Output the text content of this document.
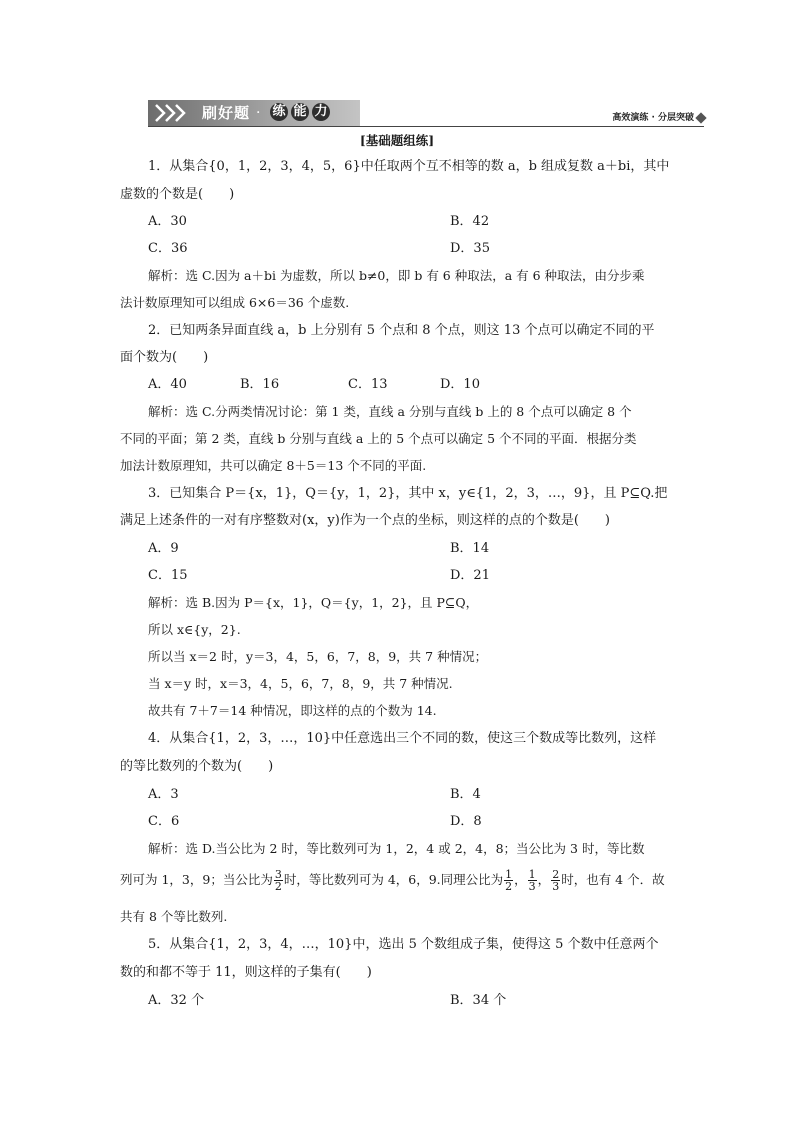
刷好题 · 练 能 力	高效演练 · 分层突破
[基础题组练]
1．从集合{0，1，2，3，4，5，6}中任取两个互不相等的数 a，b 组成复数 a＋bi，其中
虚数的个数是(　　)
A．30	B．42
C．36	D．35
解析：选 C.因为 a＋bi 为虚数，所以 b≠0，即 b 有 6 种取法，a 有 6 种取法，由分步乘
法计数原理知可以组成 6×6＝36 个虚数.
2．已知两条异面直线 a，b 上分别有 5 个点和 8 个点，则这 13 个点可以确定不同的平
面个数为(　　)
A．40	B．16	C．13	D．10
解析：选 C.分两类情况讨论：第 1 类，直线 a 分别与直线 b 上的 8 个点可以确定 8 个
不同的平面；第 2 类，直线 b 分别与直线 a 上的 5 个点可以确定 5 个不同的平面．根据分类
加法计数原理知，共可以确定 8＋5＝13 个不同的平面.
3．已知集合 P＝{x，1}，Q＝{y，1，2}，其中 x，y∈{1，2，3，…，9}，且 P⊆Q.把
满足上述条件的一对有序整数对(x，y)作为一个点的坐标，则这样的点的个数是(　　)
A．9	B．14
C．15	D．21
解析：选 B.因为 P＝{x，1}，Q＝{y，1，2}，且 P⊆Q，
所以 x∈{y，2}.
所以当 x＝2 时，y＝3，4，5，6，7，8，9，共 7 种情况；
当 x＝y 时，x＝3，4，5，6，7，8，9，共 7 种情况.
故共有 7＋7＝14 种情况，即这样的点的个数为 14.
4．从集合{1，2，3，…，10}中任意选出三个不同的数，使这三个数成等比数列，这样
的等比数列的个数为(　　)
A．3	B．4
C．6	D．8
解析：选 D.当公比为 2 时，等比数列可为 1，2，4 或 2，4，8；当公比为 3 时，等比数
列可为 1，3，9；当公比为 $\frac{3}{2}$ 时，等比数列可为 4，6，9.同理公比为 $\frac{1}{2}$ ， $\frac{1}{3}$ ， $\frac{2}{3}$ 时，也有 4 个．故
共有 8 个等比数列.
5．从集合{1，2，3，4，…，10}中，选出 5 个数组成子集，使得这 5 个数中任意两个
数的和都不等于 11，则这样的子集有(　　)
A．32 个	B．34 个
